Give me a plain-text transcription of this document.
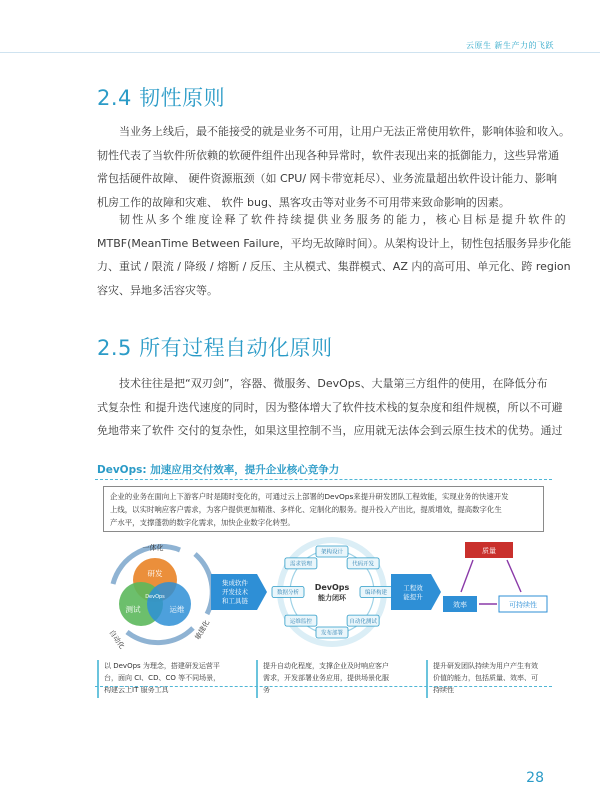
云原生 新生产力的飞跃
2.4 韧性原则
当业务上线后，最不能接受的就是业务不可用，让用户无法正常使用软件，影响体验和收入。
韧性代表了当软件所依赖的软硬件组件出现各种异常时，软件表现出来的抵御能力，这些异常通
常包括硬件故障、 硬件资源瓶颈（如 CPU/ 网卡带宽耗尽）、业务流量超出软件设计能力、影响
机房工作的故障和灾难、 软件 bug、黑客攻击等对业务不可用带来致命影响的因素。
韧性从多个维度诠释了软件持续提供业务服务的能力，核心目标是提升软件的
MTBF(MeanTime Between Failure，平均无故障时间）。从架构设计上，韧性包括服务异步化能
力、重试 / 限流 / 降级 / 熔断 / 反压、主从模式、集群模式、AZ 内的高可用、单元化、跨 region
容灾、异地多活容灾等。
2.5 所有过程自动化原则
技术往往是把“双刃剑”，容器、微服务、DevOps、大量第三方组件的使用，在降低分布
式复杂性 和提升迭代速度的同时，因为整体增大了软件技术栈的复杂度和组件规模，所以不可避
免地带来了软件 交付的复杂性，如果这里控制不当，应用就无法体会到云原生技术的优势。通过
DevOps: 加速应用交付效率，提升企业核心竞争力
企业的业务在面向上下游客户时是随时变化的，可通过云上部署的DevOps来提升研发团队工程效能，实现业务的快速开发
上线，以实时响应客户需求，为客户提供更加精准、多样化、定制化的服务。提升投入产出比，提质增效，提高数字化生
产水平，支撑蓬勃的数字化需求，加快企业数字化转型。
一体化
自动化	敏捷化
研发
测试	运维
DevOps
集成软件
开发技术
和工具链
DevOps
能力闭环
架构设计
代码开发
编译构建
自动化测试
发布部署
运维监控
数据分析
需求管理
工程效
能提升
质量
效率	可持续性
以 DevOps 为理念，搭建研发运营平
台，面向 CI、CD、CO 等不同场景，
构建云上IT 服务工具
提升自动化程度，支撑企业及时响应客户
需求，开发部署业务应用，提供场景化服
务
提升研发团队持续为用户产生有效
价值的能力，包括质量、效率、可
持续性
28
